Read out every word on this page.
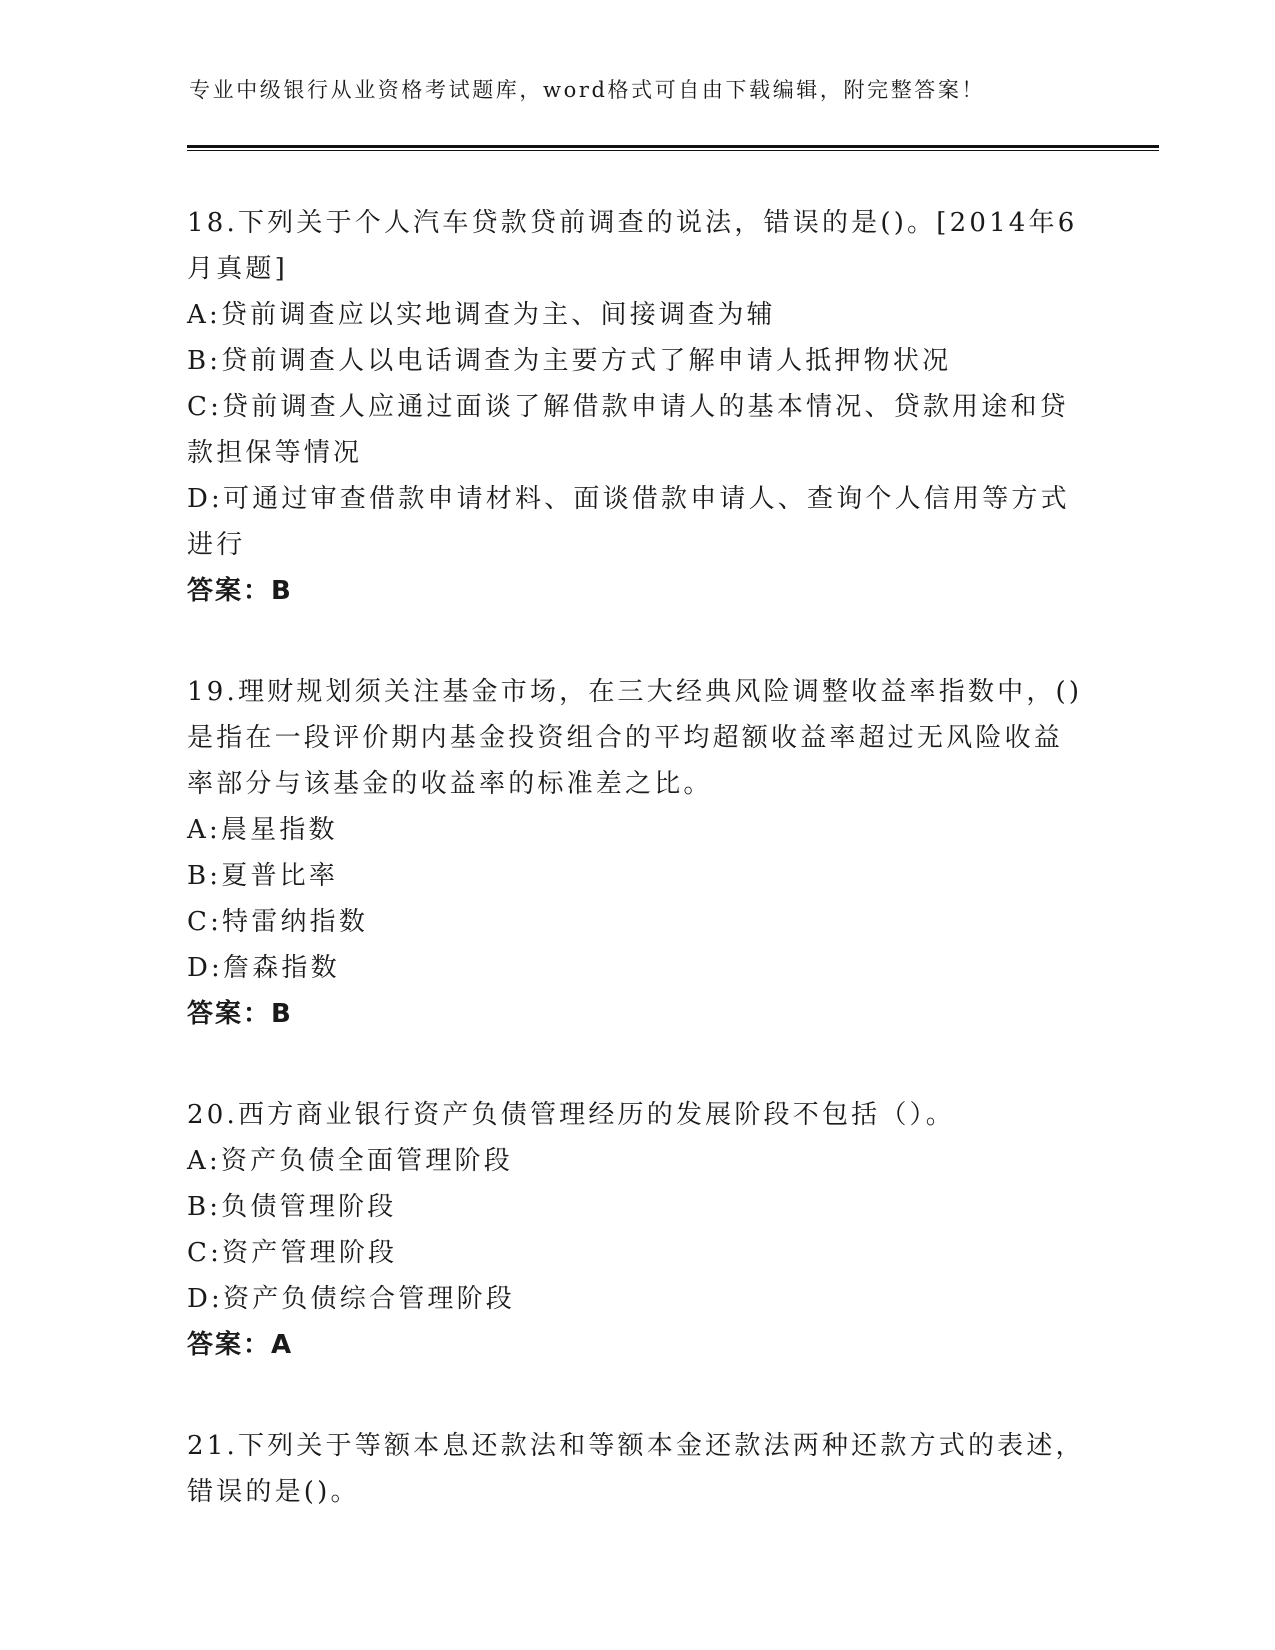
专业中级银行从业资格考试题库，word格式可自由下载编辑，附完整答案！

18.下列关于个人汽车贷款贷前调查的说法，错误的是()。[2014年6月真题]

A:贷前调查应以实地调查为主、间接调查为辅

B:贷前调查人以电话调查为主要方式了解申请人抵押物状况

C:贷前调查人应通过面谈了解借款申请人的基本情况、贷款用途和贷款担保等情况

D:可通过审查借款申请材料、面谈借款申请人、查询个人信用等方式进行

答案：B

19.理财规划须关注基金市场，在三大经典风险调整收益率指数中，()是指在一段评价期内基金投资组合的平均超额收益率超过无风险收益率部分与该基金的收益率的标准差之比。

A:晨星指数

B:夏普比率

C:特雷纳指数

D:詹森指数

答案：B

20.西方商业银行资产负债管理经历的发展阶段不包括（）。

A:资产负债全面管理阶段

B:负债管理阶段

C:资产管理阶段

D:资产负债综合管理阶段

答案：A

21.下列关于等额本息还款法和等额本金还款法两种还款方式的表述，错误的是()。
